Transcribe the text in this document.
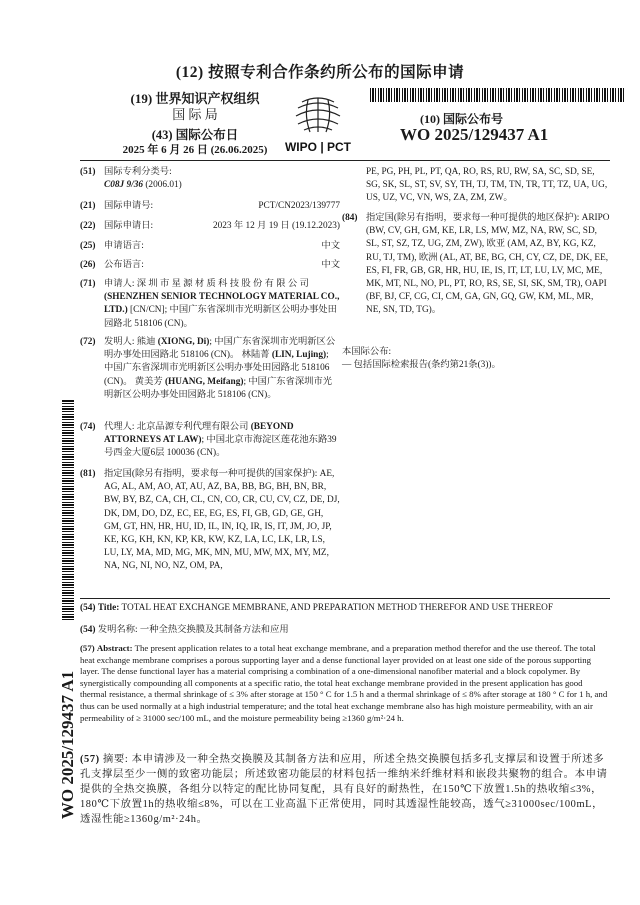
(12) 按照专利合作条约所公布的国际申请
(19) 世界知识产权组织
国 际 局
(43) 国际公布日
2025 年 6 月 26 日 (26.06.2025)	WIPO | PCT
(10) 国际公布号
WO 2025/129437 A1
(51) 国际专利分类号:
C08J 9/36 (2006.01)
(21) 国际申请号:	PCT/CN2023/139777
(22) 国际申请日:	2023 年 12 月 19 日 (19.12.2023)
(25) 申请语言:	中文
(26) 公布语言:	中文
(71) 申请人: 深 圳 市 星 源 材 质 科 技 股 份 有 限 公 司 (SHENZHEN SENIOR TECHNOLOGY MATERIAL CO., LTD.) [CN/CN]; 中国广东省深圳市光明新区公明办事处田园路北 518106 (CN)。
(72) 发明人: 熊迪 (XIONG, Di); 中国广东省深圳市光明新区公明办事处田园路北 518106 (CN)。 林陆菁 (LIN, Lujing); 中国广东省深圳市光明新区公明办事处田园路北 518106 (CN)。 黄美芳 (HUANG, Meifang); 中国广东省深圳市光明新区公明办事处田园路北 518106 (CN)。
(74) 代理人: 北京品源专利代理有限公司 (BEYOND ATTORNEYS AT LAW); 中国北京市海淀区莲花池东路39号西金大厦6层 100036 (CN)。
(81) 指定国(除另有指明，要求每一种可提供的国家保护): AE, AG, AL, AM, AO, AT, AU, AZ, BA, BB, BG, BH, BN, BR, BW, BY, BZ, CA, CH, CL, CN, CO, CR, CU, CV, CZ, DE, DJ, DK, DM, DO, DZ, EC, EE, EG, ES, FI, GB, GD, GE, GH, GM, GT, HN, HR, HU, ID, IL, IN, IQ, IR, IS, IT, JM, JO, JP, KE, KG, KH, KN, KP, KR, KW, KZ, LA, LC, LK, LR, LS, LU, LY, MA, MD, MG, MK, MN, MU, MW, MX, MY, MZ, NA, NG, NI, NO, NZ, OM, PA,
PE, PG, PH, PL, PT, QA, RO, RS, RU, RW, SA, SC, SD, SE, SG, SK, SL, ST, SV, SY, TH, TJ, TM, TN, TR, TT, TZ, UA, UG, US, UZ, VC, VN, WS, ZA, ZM, ZW。
(84) 指定国(除另有指明，要求每一种可提供的地区保护): ARIPO (BW, CV, GH, GM, KE, LR, LS, MW, MZ, NA, RW, SC, SD, SL, ST, SZ, TZ, UG, ZM, ZW), 欧亚 (AM, AZ, BY, KG, KZ, RU, TJ, TM), 欧洲 (AL, AT, BE, BG, CH, CY, CZ, DE, DK, EE, ES, FI, FR, GB, GR, HR, HU, IE, IS, IT, LT, LU, LV, MC, ME, MK, MT, NL, NO, PL, PT, RO, RS, SE, SI, SK, SM, TR), OAPI (BF, BJ, CF, CG, CI, CM, GA, GN, GQ, GW, KM, ML, MR, NE, SN, TD, TG)。
本国际公布:
— 包括国际检索报告(条约第21条(3))。
WO 2025/129437 A1
(54) Title: TOTAL HEAT EXCHANGE MEMBRANE, AND PREPARATION METHOD THEREFOR AND USE THEREOF
(54) 发明名称: 一种全热交换膜及其制备方法和应用
(57) Abstract: The present application relates to a total heat exchange membrane, and a preparation method therefor and the use thereof. The total heat exchange membrane comprises a porous supporting layer and a dense functional layer provided on at least one side of the porous supporting layer. The dense functional layer has a material comprising a combination of a one-dimensional nanofiber material and a block copolymer. By synergistically compounding all components at a specific ratio, the total heat exchange membrane provided in the present application has good thermal resistance, a thermal shrinkage of ≤ 3% after storage at 150 ° C for 1.5 h and a thermal shrinkage of ≤ 8% after storage at 180 ° C for 1 h, and thus can be used normally at a high industrial temperature; and the total heat exchange membrane also has high moisture permeability, with an air permeability of ≥ 31000 sec/100 mL, and the moisture permeability being ≥1360 g/m²·24 h.
(57) 摘要: 本申请涉及一种全热交换膜及其制备方法和应用，所述全热交换膜包括多孔支撑层和设置于所述多孔支撑层至少一侧的致密功能层；所述致密功能层的材料包括一维纳米纤维材料和嵌段共聚物的组合。本申请提供的全热交换膜，各组分以特定的配比协同复配，具有良好的耐热性，在150℃下放置1.5h的热收缩≤3%，180℃下放置1h的热收缩≤8%，可以在工业高温下正常使用，同时其透湿性能较高，透气≥31000sec/100mL，透湿性能≥1360g/m²·24h。
